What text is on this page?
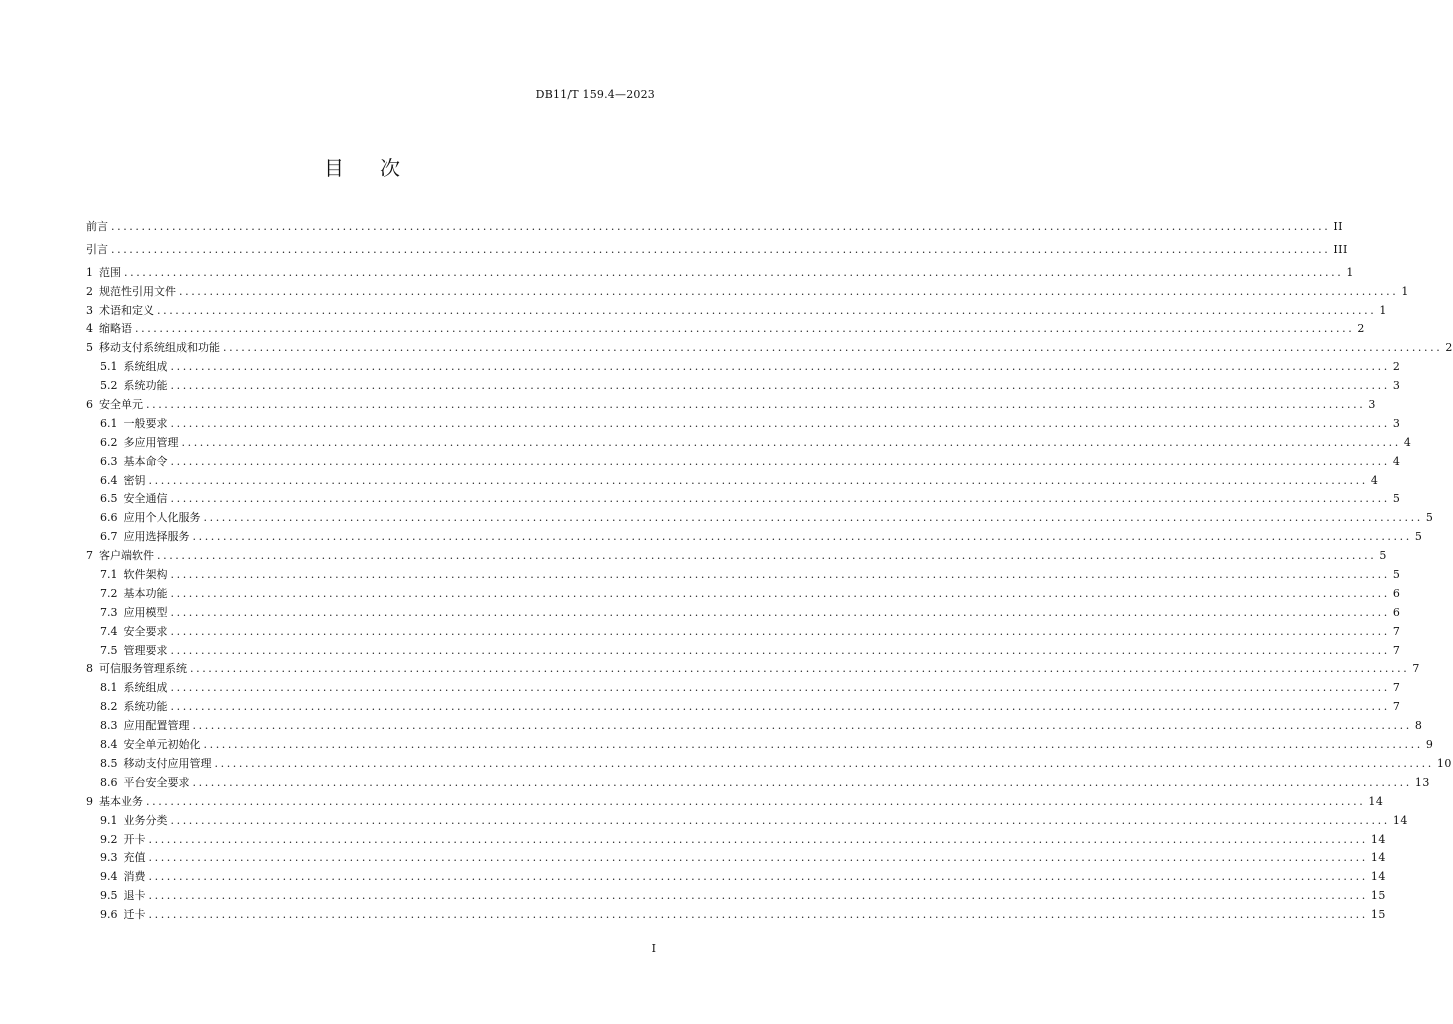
DB11/T 159.4—2023
目 次
前言 ........................................................................................................................................................................................................ II
引言 ........................................................................................................................................................................................................ III
1 范围 ........................................................................................................................................................................................................ 1
2 规范性引用文件 ........................................................................................................................................................................................................ 1
3 术语和定义 ........................................................................................................................................................................................................ 1
4 缩略语 ........................................................................................................................................................................................................ 2
5 移动支付系统组成和功能 ........................................................................................................................................................................................................ 2
5.1 系统组成 ........................................................................................................................................................................................................ 2
5.2 系统功能 ........................................................................................................................................................................................................ 3
6 安全单元 ........................................................................................................................................................................................................ 3
6.1 一般要求 ........................................................................................................................................................................................................ 3
6.2 多应用管理 ........................................................................................................................................................................................................ 4
6.3 基本命令 ........................................................................................................................................................................................................ 4
6.4 密钥 ........................................................................................................................................................................................................ 4
6.5 安全通信 ........................................................................................................................................................................................................ 5
6.6 应用个人化服务 ........................................................................................................................................................................................................ 5
6.7 应用选择服务 ........................................................................................................................................................................................................ 5
7 客户端软件 ........................................................................................................................................................................................................ 5
7.1 软件架构 ........................................................................................................................................................................................................ 5
7.2 基本功能 ........................................................................................................................................................................................................ 6
7.3 应用模型 ........................................................................................................................................................................................................ 6
7.4 安全要求 ........................................................................................................................................................................................................ 7
7.5 管理要求 ........................................................................................................................................................................................................ 7
8 可信服务管理系统 ........................................................................................................................................................................................................ 7
8.1 系统组成 ........................................................................................................................................................................................................ 7
8.2 系统功能 ........................................................................................................................................................................................................ 7
8.3 应用配置管理 ........................................................................................................................................................................................................ 8
8.4 安全单元初始化 ........................................................................................................................................................................................................ 9
8.5 移动支付应用管理 ........................................................................................................................................................................................................ 10
8.6 平台安全要求 ........................................................................................................................................................................................................ 13
9 基本业务 ........................................................................................................................................................................................................ 14
9.1 业务分类 ........................................................................................................................................................................................................ 14
9.2 开卡 ........................................................................................................................................................................................................ 14
9.3 充值 ........................................................................................................................................................................................................ 14
9.4 消费 ........................................................................................................................................................................................................ 14
9.5 退卡 ........................................................................................................................................................................................................ 15
9.6 迁卡 ........................................................................................................................................................................................................ 15
I
